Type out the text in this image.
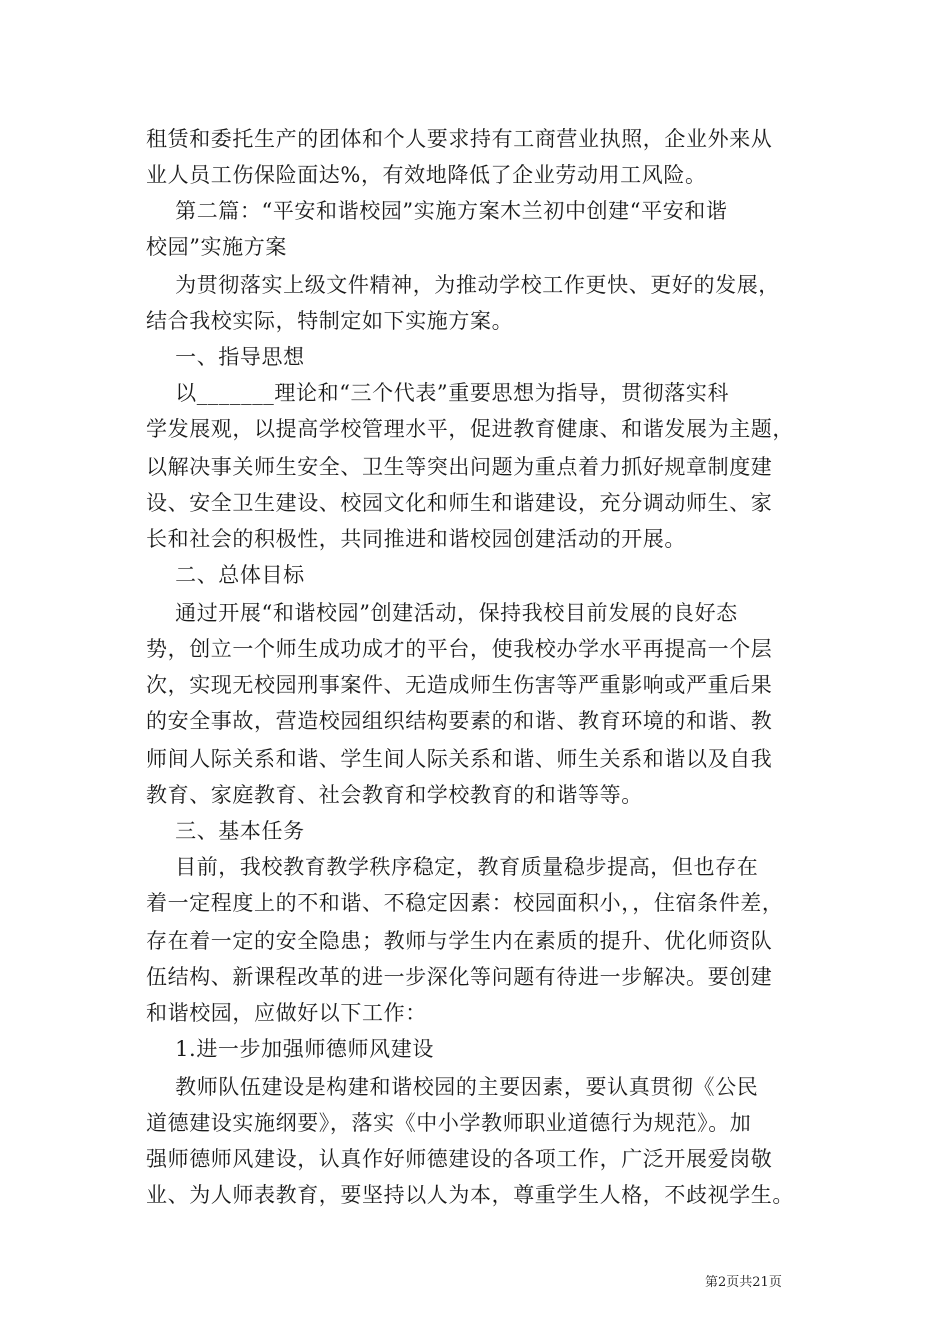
租赁和委托生产的团体和个人要求持有工商营业执照，企业外来从
业人员工伤保险面达%，有效地降低了企业劳动用工风险。
第二篇：“平安和谐校园”实施方案木兰初中创建“平安和谐
校园”实施方案
为贯彻落实上级文件精神，为推动学校工作更快、更好的发展，
结合我校实际，特制定如下实施方案。
一、指导思想
以_______理论和“三个代表”重要思想为指导，贯彻落实科
学发展观，以提高学校管理水平，促进教育健康、和谐发展为主题，
以解决事关师生安全、卫生等突出问题为重点着力抓好规章制度建
设、安全卫生建设、校园文化和师生和谐建设，充分调动师生、家
长和社会的积极性，共同推进和谐校园创建活动的开展。
二、总体目标
通过开展“和谐校园”创建活动，保持我校目前发展的良好态
势，创立一个师生成功成才的平台，使我校办学水平再提高一个层
次，实现无校园刑事案件、无造成师生伤害等严重影响或严重后果
的安全事故，营造校园组织结构要素的和谐、教育环境的和谐、教
师间人际关系和谐、学生间人际关系和谐、师生关系和谐以及自我
教育、家庭教育、社会教育和学校教育的和谐等等。
三、基本任务
目前，我校教育教学秩序稳定，教育质量稳步提高，但也存在
着一定程度上的不和谐、不稳定因素：校园面积小，，住宿条件差，
存在着一定的安全隐患；教师与学生内在素质的提升、优化师资队
伍结构、新课程改革的进一步深化等问题有待进一步解决。要创建
和谐校园，应做好以下工作：
1.进一步加强师德师风建设
教师队伍建设是构建和谐校园的主要因素，要认真贯彻《公民
道德建设实施纲要》，落实《中小学教师职业道德行为规范》。加
强师德师风建设，认真作好师德建设的各项工作，广泛开展爱岗敬
业、为人师表教育，要坚持以人为本，尊重学生人格，不歧视学生。
第2页共21页
